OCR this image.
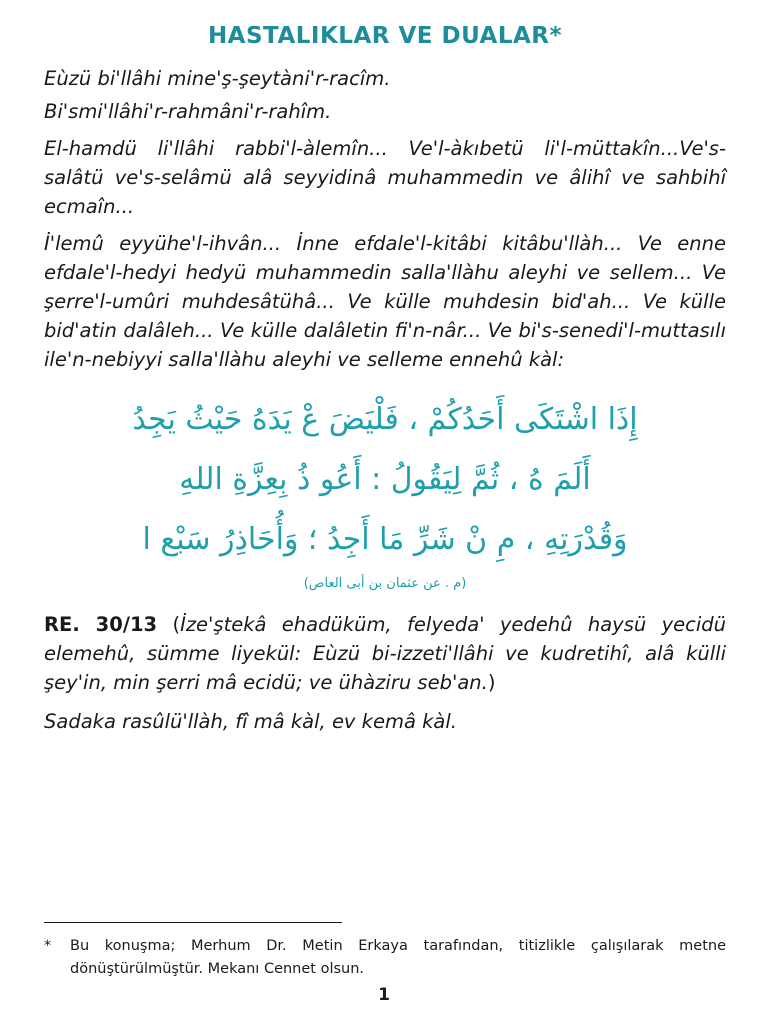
HASTALIKLAR VE DUALAR*

Eùzü bi'llâhi mine'ş-şeytàni'r-racîm.

Bi'smi'llâhi'r-rahmâni'r-rahîm.

El-hamdü li'llâhi rabbi'l-àlemîn... Ve'l-àkıbetü li'l-müttakîn...Ve's-salâtü ve's-selâmü alâ seyyidinâ muhammedin ve âlihî ve sahbihî ecmaîn...

İ'lemû eyyühe'l-ihvân... İnne efdale'l-kitâbi kitâbu'llàh... Ve enne efdale'l-hedyi hedyü muhammedin salla'llàhu aleyhi ve sellem... Ve şerre'l-umûri muhdesâtühâ... Ve külle muhdesin bid'ah... Ve külle bid'atin dalâleh... Ve külle dalâletin fi'n-nâr... Ve bi's-senedi'l-muttasılı ile'n-nebiyyi salla'llàhu aleyhi ve selleme ennehû kàl:

إِذَا اشْتَكَى أَحَدُكُمْ ، فَلْيَضَ عْ يَدَهُ حَيْثُ يَجِدُ

أَلَمَ هُ ، ثُمَّ لِيَقُولُ : أَعُو ذُ بِعِزَّةِ اللهِ

وَقُدْرَتِهِ ، مِ نْ شَرِّ مَا أَجِدُ ؛ وَأُحَاذِرُ سَبْع ا

(م . عن عثمان بن أبى العاص)

RE. 30/13 (İze'ştekâ ehadüküm, felyeda' yedehû haysü yecidü elemehû, sümme liyekül: Eùzü bi-izzeti'llâhi ve kudretihî, alâ külli şey'in, min şerri mâ ecidü; ve ühàziru seb'an.)

Sadaka rasûlü'llàh, fî mâ kàl, ev kemâ kàl.

*	Bu konuşma; Merhum Dr. Metin Erkaya tarafından, titizlikle çalışılarak metne dönüştürülmüştür. Mekanı Cennet olsun.
1
